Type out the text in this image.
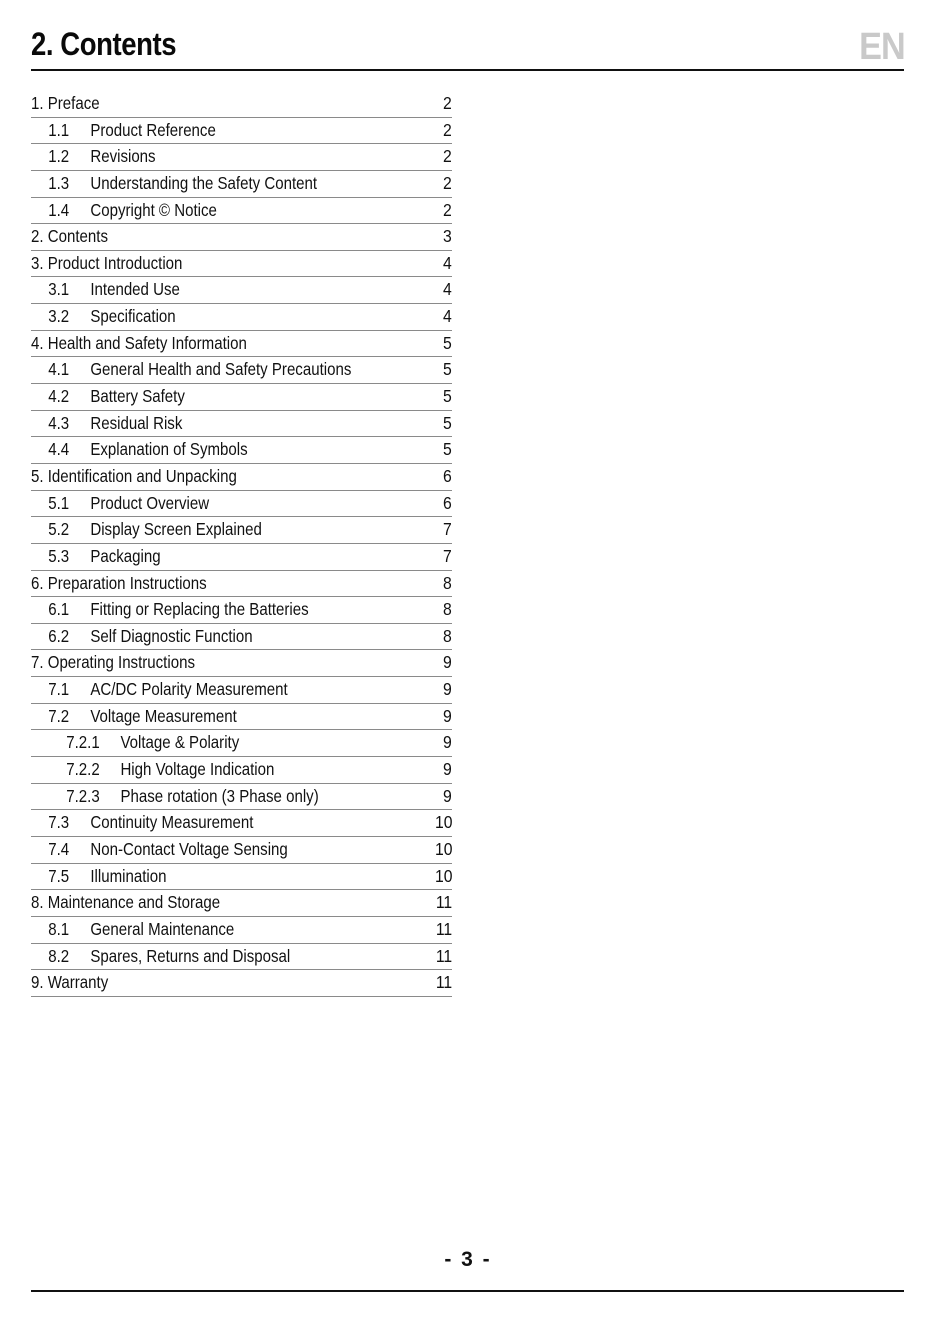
2. Contents	EN
1. Preface	2
1.1 Product Reference	2
1.2 Revisions	2
1.3 Understanding the Safety Content	2
1.4 Copyright © Notice	2
2. Contents	3
3. Product Introduction	4
3.1 Intended Use	4
3.2 Specification	4
4. Health and Safety Information	5
4.1 General Health and Safety Precautions	5
4.2 Battery Safety	5
4.3 Residual Risk	5
4.4 Explanation of Symbols	5
5. Identification and Unpacking	6
5.1 Product Overview	6
5.2 Display Screen Explained	7
5.3 Packaging	7
6. Preparation Instructions	8
6.1 Fitting or Replacing the Batteries	8
6.2 Self Diagnostic Function	8
7. Operating Instructions	9
7.1 AC/DC Polarity Measurement	9
7.2 Voltage Measurement	9
7.2.1 Voltage & Polarity	9
7.2.2 High Voltage Indication	9
7.2.3 Phase rotation (3 Phase only)	9
7.3 Continuity Measurement	10
7.4 Non-Contact Voltage Sensing	10
7.5 Illumination	10
8. Maintenance and Storage	11
8.1 General Maintenance	11
8.2 Spares, Returns and Disposal	11
9. Warranty	11
- 3 -
